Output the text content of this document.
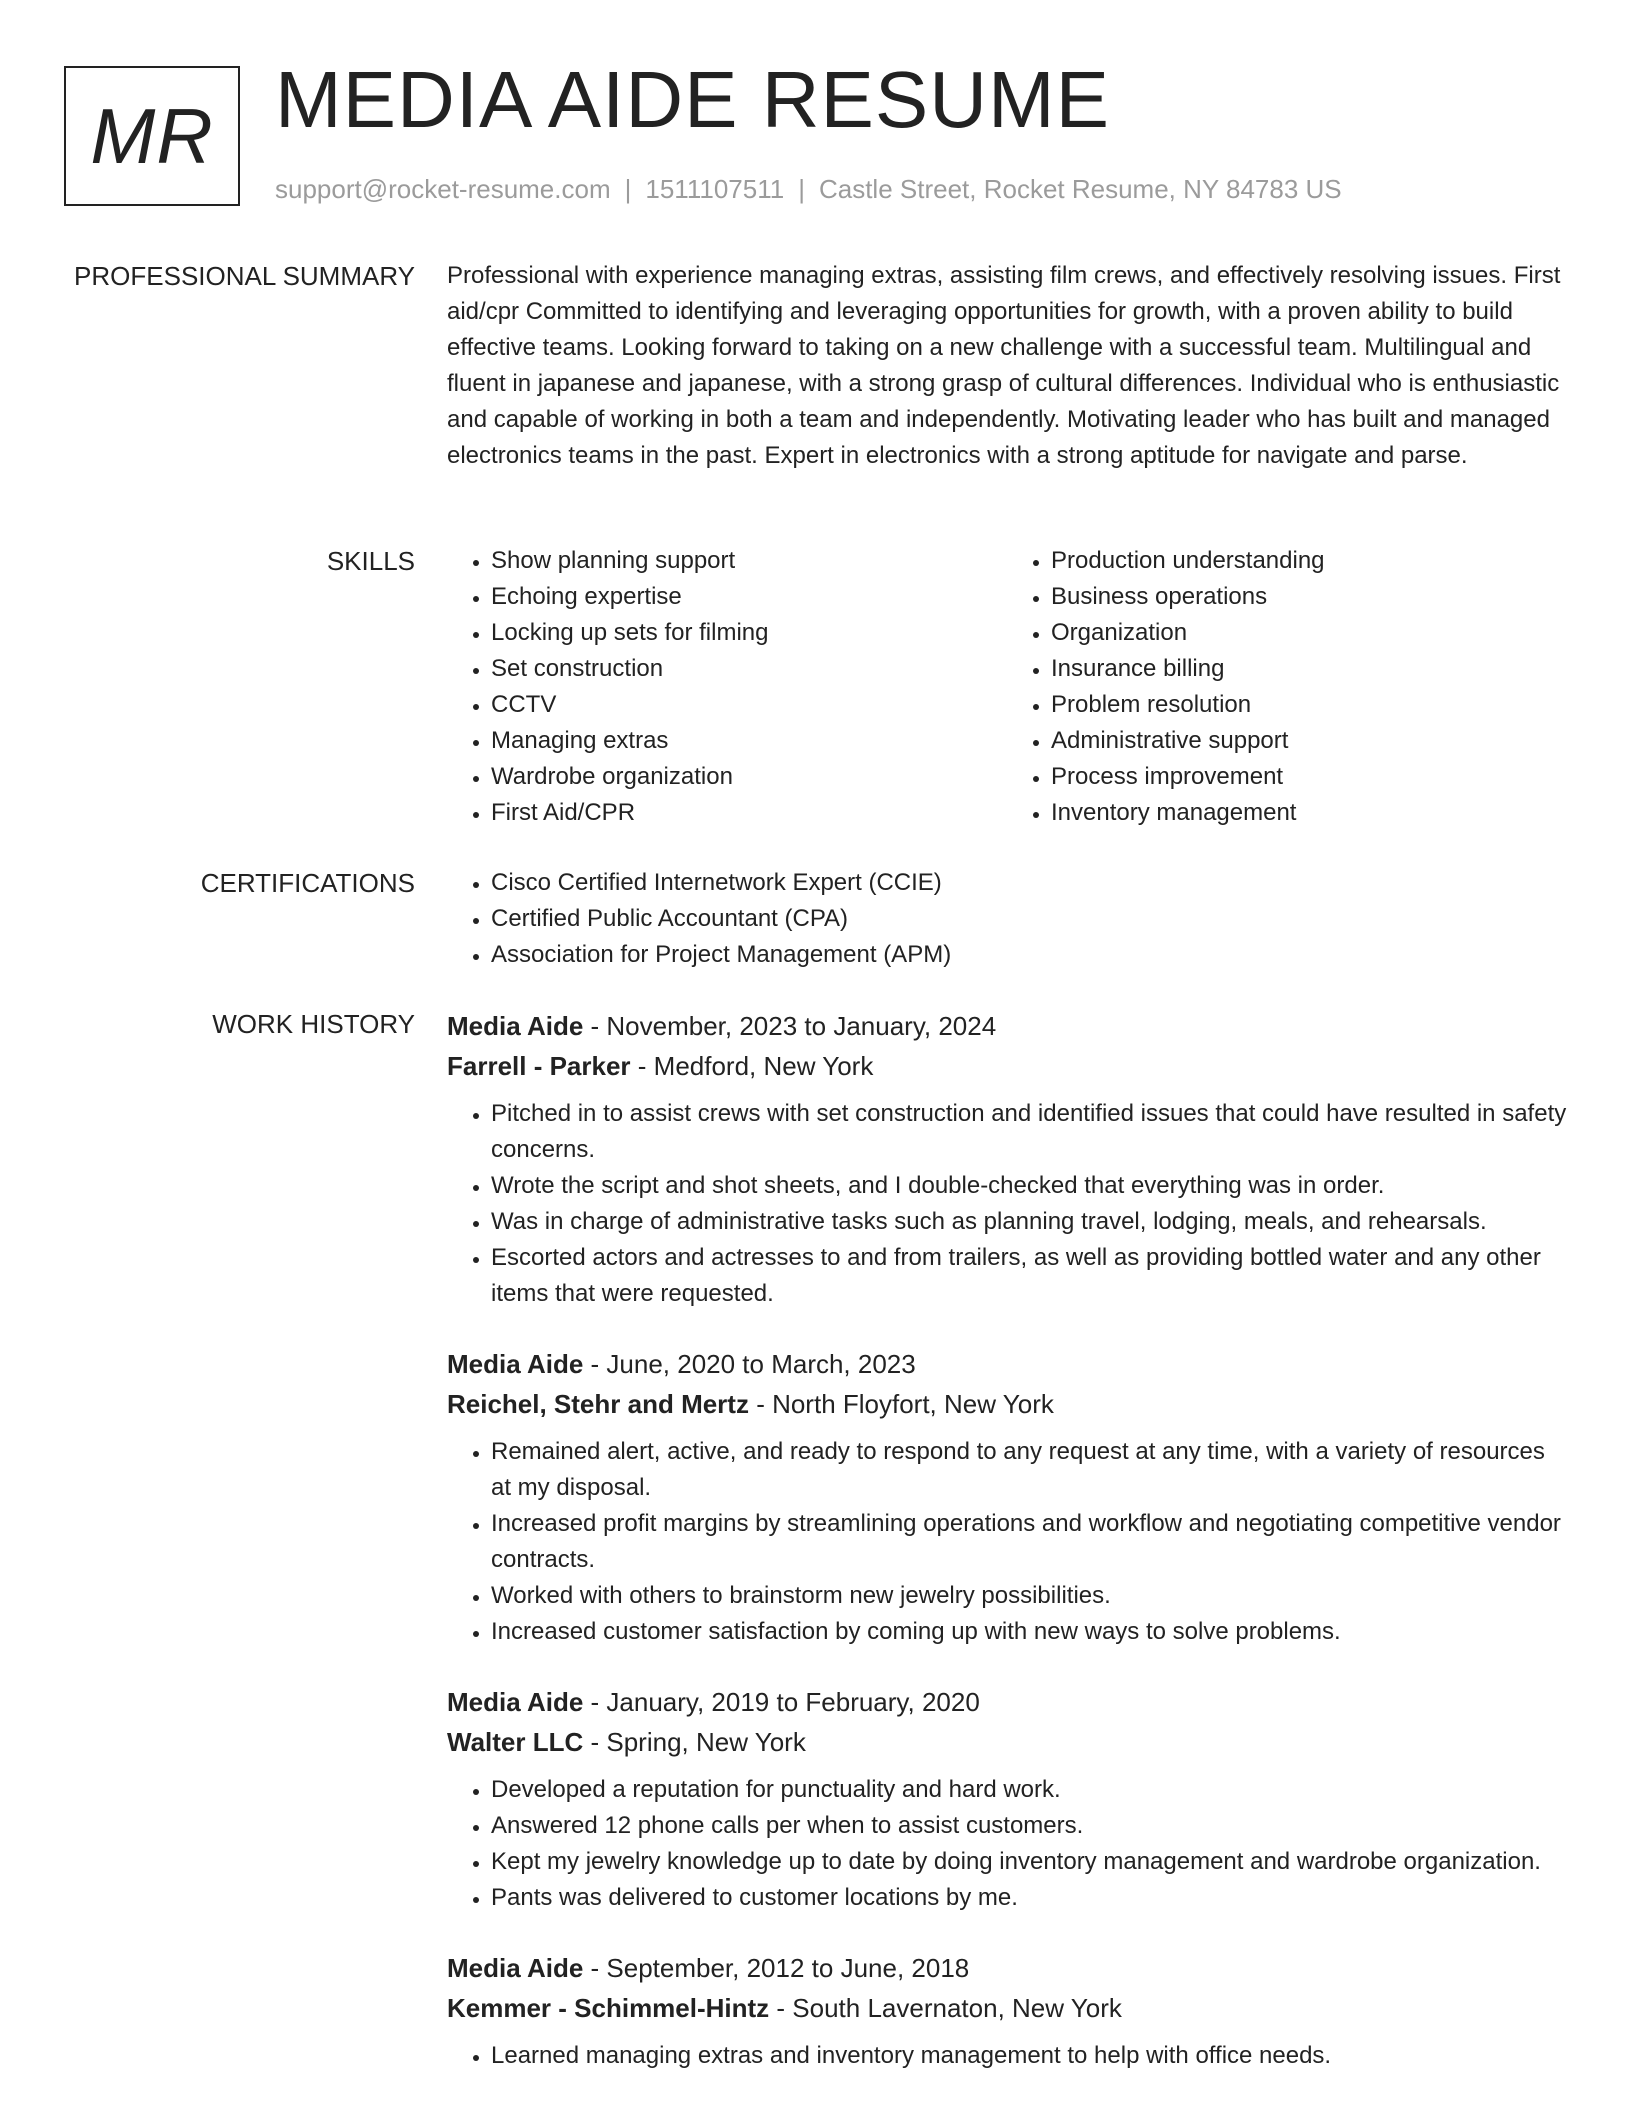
MR MEDIA AIDE RESUME
support@rocket-resume.com | 1511107511 | Castle Street, Rocket Resume, NY 84783 US
PROFESSIONAL SUMMARY Professional with experience managing extras, assisting film crews, and effectively resolving issues. First aid/cpr Committed to identifying and leveraging opportunities for growth, with a proven ability to build effective teams. Looking forward to taking on a new challenge with a successful team. Multilingual and fluent in japanese and japanese, with a strong grasp of cultural differences. Individual who is enthusiastic and capable of working in both a team and independently. Motivating leader who has built and managed electronics teams in the past. Expert in electronics with a strong aptitude for navigate and parse.
SKILLS	• Show planning support
• Echoing expertise
• Locking up sets for filming
• Set construction
• CCTV
• Managing extras
• Wardrobe organization
• First Aid/CPR
• Production understanding
• Business operations
• Organization
• Insurance billing
• Problem resolution
• Administrative support
• Process improvement
• Inventory management
CERTIFICATIONS	• Cisco Certified Internetwork Expert (CCIE)
• Certified Public Accountant (CPA)
• Association for Project Management (APM)
WORK HISTORY Media Aide - November, 2023 to January, 2024
Farrell - Parker - Medford, New York
• Pitched in to assist crews with set construction and identified issues that could have resulted in safety concerns.
• Wrote the script and shot sheets, and I double-checked that everything was in order.
• Was in charge of administrative tasks such as planning travel, lodging, meals, and rehearsals.
• Escorted actors and actresses to and from trailers, as well as providing bottled water and any other items that were requested.
Media Aide - June, 2020 to March, 2023
Reichel, Stehr and Mertz - North Floyfort, New York
• Remained alert, active, and ready to respond to any request at any time, with a variety of resources at my disposal.
• Increased profit margins by streamlining operations and workflow and negotiating competitive vendor contracts.
• Worked with others to brainstorm new jewelry possibilities.
• Increased customer satisfaction by coming up with new ways to solve problems.
Media Aide - January, 2019 to February, 2020
Walter LLC - Spring, New York
• Developed a reputation for punctuality and hard work.
• Answered 12 phone calls per when to assist customers.
• Kept my jewelry knowledge up to date by doing inventory management and wardrobe organization.
• Pants was delivered to customer locations by me.
Media Aide - September, 2012 to June, 2018
Kemmer - Schimmel-Hintz - South Lavernaton, New York
• Learned managing extras and inventory management to help with office needs.
